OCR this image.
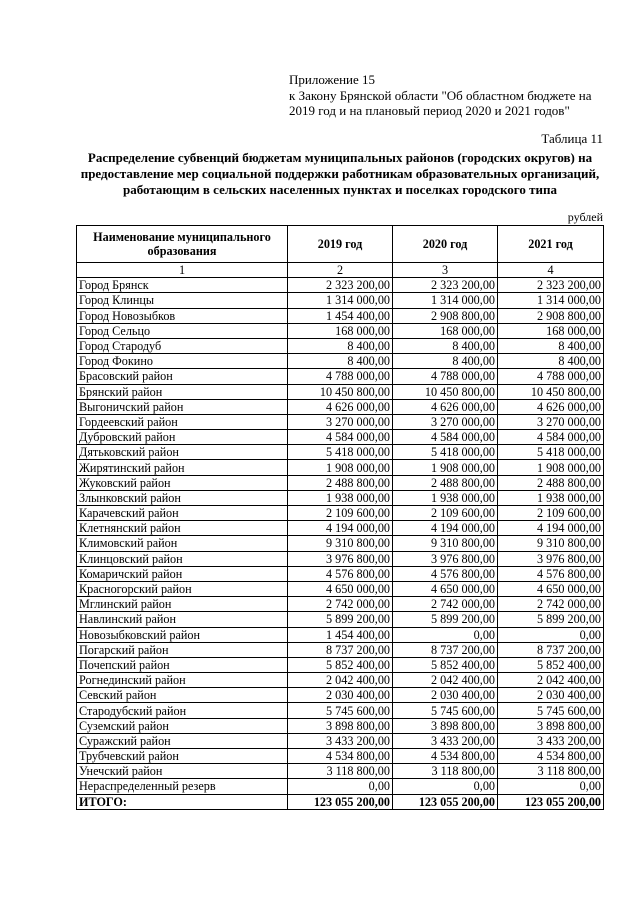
Приложение 15
к Закону Брянской области "Об областном бюджете на
2019 год и на плановый период 2020 и 2021 годов"
Таблица 11
Распределение субвенций бюджетам муниципальных районов (городских округов) на
предоставление мер социальной поддержки работникам образовательных организаций,
работающим в сельских населенных пунктах и поселках городского типа
рублей
Наименование муниципального образования	2019 год	2020 год	2021 год
1	2	3	4
Город Брянск	2 323 200,00	2 323 200,00	2 323 200,00
Город Клинцы	1 314 000,00	1 314 000,00	1 314 000,00
Город Новозыбков	1 454 400,00	2 908 800,00	2 908 800,00
Город Сельцо	168 000,00	168 000,00	168 000,00
Город Стародуб	8 400,00	8 400,00	8 400,00
Город Фокино	8 400,00	8 400,00	8 400,00
Брасовский район	4 788 000,00	4 788 000,00	4 788 000,00
Брянский район	10 450 800,00	10 450 800,00	10 450 800,00
Выгоничский район	4 626 000,00	4 626 000,00	4 626 000,00
Гордеевский район	3 270 000,00	3 270 000,00	3 270 000,00
Дубровский район	4 584 000,00	4 584 000,00	4 584 000,00
Дятьковский район	5 418 000,00	5 418 000,00	5 418 000,00
Жирятинский район	1 908 000,00	1 908 000,00	1 908 000,00
Жуковский район	2 488 800,00	2 488 800,00	2 488 800,00
Злынковский район	1 938 000,00	1 938 000,00	1 938 000,00
Карачевский район	2 109 600,00	2 109 600,00	2 109 600,00
Клетнянский район	4 194 000,00	4 194 000,00	4 194 000,00
Климовский район	9 310 800,00	9 310 800,00	9 310 800,00
Клинцовский район	3 976 800,00	3 976 800,00	3 976 800,00
Комаричский район	4 576 800,00	4 576 800,00	4 576 800,00
Красногорский район	4 650 000,00	4 650 000,00	4 650 000,00
Мглинский район	2 742 000,00	2 742 000,00	2 742 000,00
Навлинский район	5 899 200,00	5 899 200,00	5 899 200,00
Новозыбковский район	1 454 400,00	0,00	0,00
Погарский район	8 737 200,00	8 737 200,00	8 737 200,00
Почепский район	5 852 400,00	5 852 400,00	5 852 400,00
Рогнединский район	2 042 400,00	2 042 400,00	2 042 400,00
Севский район	2 030 400,00	2 030 400,00	2 030 400,00
Стародубский район	5 745 600,00	5 745 600,00	5 745 600,00
Суземский район	3 898 800,00	3 898 800,00	3 898 800,00
Суражский район	3 433 200,00	3 433 200,00	3 433 200,00
Трубчевский район	4 534 800,00	4 534 800,00	4 534 800,00
Унечский район	3 118 800,00	3 118 800,00	3 118 800,00
Нераспределенный резерв	0,00	0,00	0,00
ИТОГО:	123 055 200,00	123 055 200,00	123 055 200,00
